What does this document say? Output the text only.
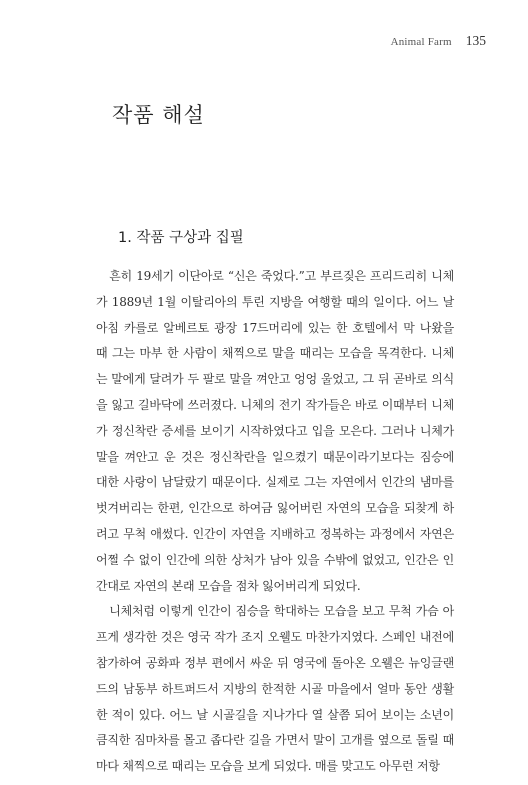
Animal Farm 135
작품 해설
1. 작품 구상과 집필

흔히 19세기 이단아로 “신은 죽었다.”고 부르짖은 프리드리히 니체가 1889년 1월 이탈리아의 투린 지방을 여행할 때의 일이다. 어느 날 아침 카를로 알베르토 광장 17드머리에 있는 한 호텔에서 막 나왔을 때 그는 마부 한 사람이 채찍으로 말을 때리는 모습을 목격한다. 니체는 말에게 달려가 두 팔로 말을 껴안고 엉엉 울었고, 그 뒤 곧바로 의식을 잃고 길바닥에 쓰러졌다. 니체의 전기 작가들은 바로 이때부터 니체가 정신착란 증세를 보이기 시작하였다고 입을 모은다. 그러나 니체가 말을 껴안고 운 것은 정신착란을 일으켰기 때문이라기보다는 짐승에 대한 사랑이 남달랐기 때문이다. 실제로 그는 자연에서 인간의 냄마를 벗겨버리는 한편, 인간으로 하여금 잃어버린 자연의 모습을 되찾게 하려고 무척 애썼다. 인간이 자연을 지배하고 정복하는 과정에서 자연은 어쩔 수 없이 인간에 의한 상처가 남아 있을 수밖에 없었고, 인간은 인간대로 자연의 본래 모습을 점차 잃어버리게 되었다.

니체처럼 이렇게 인간이 짐승을 학대하는 모습을 보고 무척 가슴 아프게 생각한 것은 영국 작가 조지 오웰도 마찬가지였다. 스페인 내전에 참가하여 공화파 정부 편에서 싸운 뒤 영국에 돌아온 오웰은 뉴잉글랜드의 남동부 하트퍼드서 지방의 한적한 시골 마을에서 얼마 동안 생활한 적이 있다. 어느 날 시골길을 지나가다 열 살쯤 되어 보이는 소년이 큼직한 짐마차를 몰고 좁다란 길을 가면서 말이 고개를 옆으로 돌릴 때마다 채찍으로 때리는 모습을 보게 되었다. 매를 맞고도 아무런 저항
